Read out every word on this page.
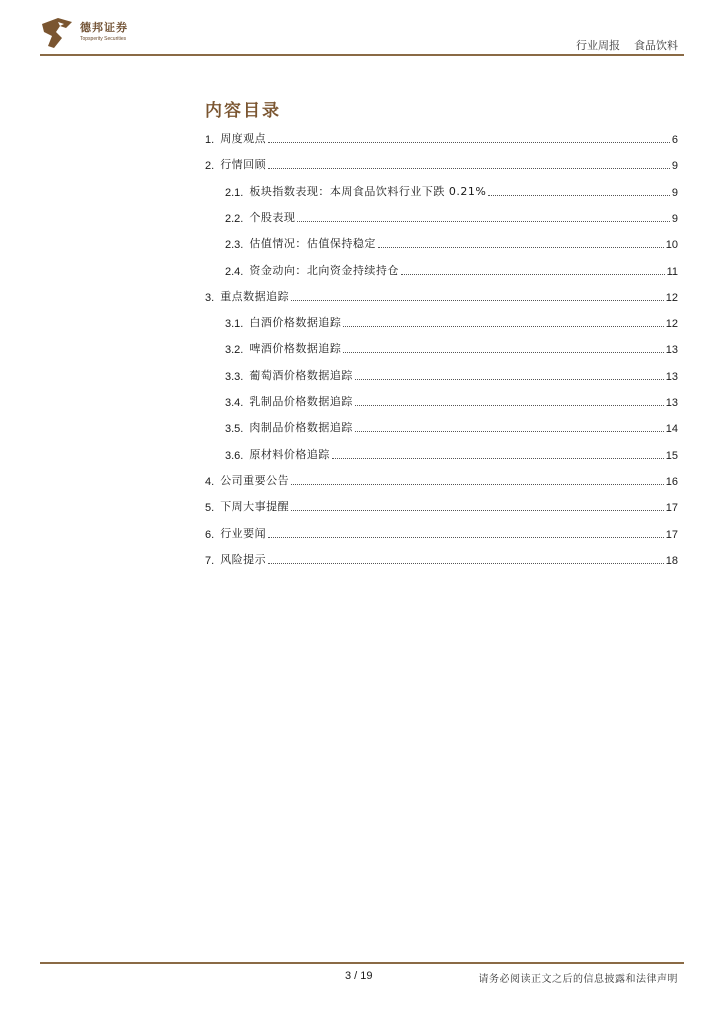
德邦证券
Topsperity Securities	行业周报 食品饮料
内容目录
1. 周度观点	6
2. 行情回顾	9
2.1. 板块指数表现：本周食品饮料行业下跌 0.21%	9
2.2. 个股表现	9
2.3. 估值情况：估值保持稳定	10
2.4. 资金动向：北向资金持续持仓	11
3. 重点数据追踪	12
3.1. 白酒价格数据追踪	12
3.2. 啤酒价格数据追踪	13
3.3. 葡萄酒价格数据追踪	13
3.4. 乳制品价格数据追踪	13
3.5. 肉制品价格数据追踪	14
3.6. 原材料价格追踪	15
4. 公司重要公告	16
5. 下周大事提醒	17
6. 行业要闻	17
7. 风险提示	18
3 / 19	请务必阅读正文之后的信息披露和法律声明
